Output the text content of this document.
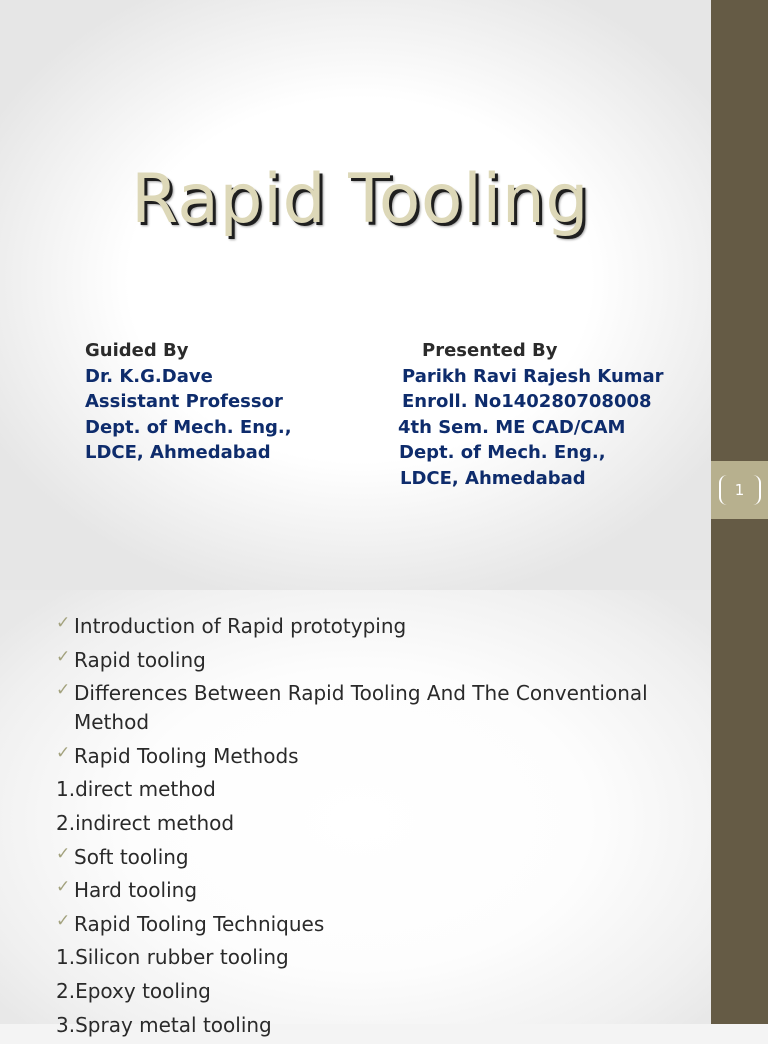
Rapid Tooling
Guided By
Dr. K.G.Dave
Assistant Professor
Dept. of Mech. Eng.,
LDCE, Ahmedabad
Presented By
Parikh Ravi Rajesh Kumar
Enroll. No140280708008
4th Sem. ME CAD/CAM
Dept. of Mech. Eng.,
LDCE, Ahmedabad
1
✓ Introduction of Rapid prototyping
✓ Rapid tooling
✓ Differences Between Rapid Tooling And The Conventional
Method
✓ Rapid Tooling Methods
1.direct method
2.indirect method
✓ Soft tooling
✓ Hard tooling
✓ Rapid Tooling Techniques
1.Silicon rubber tooling
2.Epoxy tooling
3.Spray metal tooling
